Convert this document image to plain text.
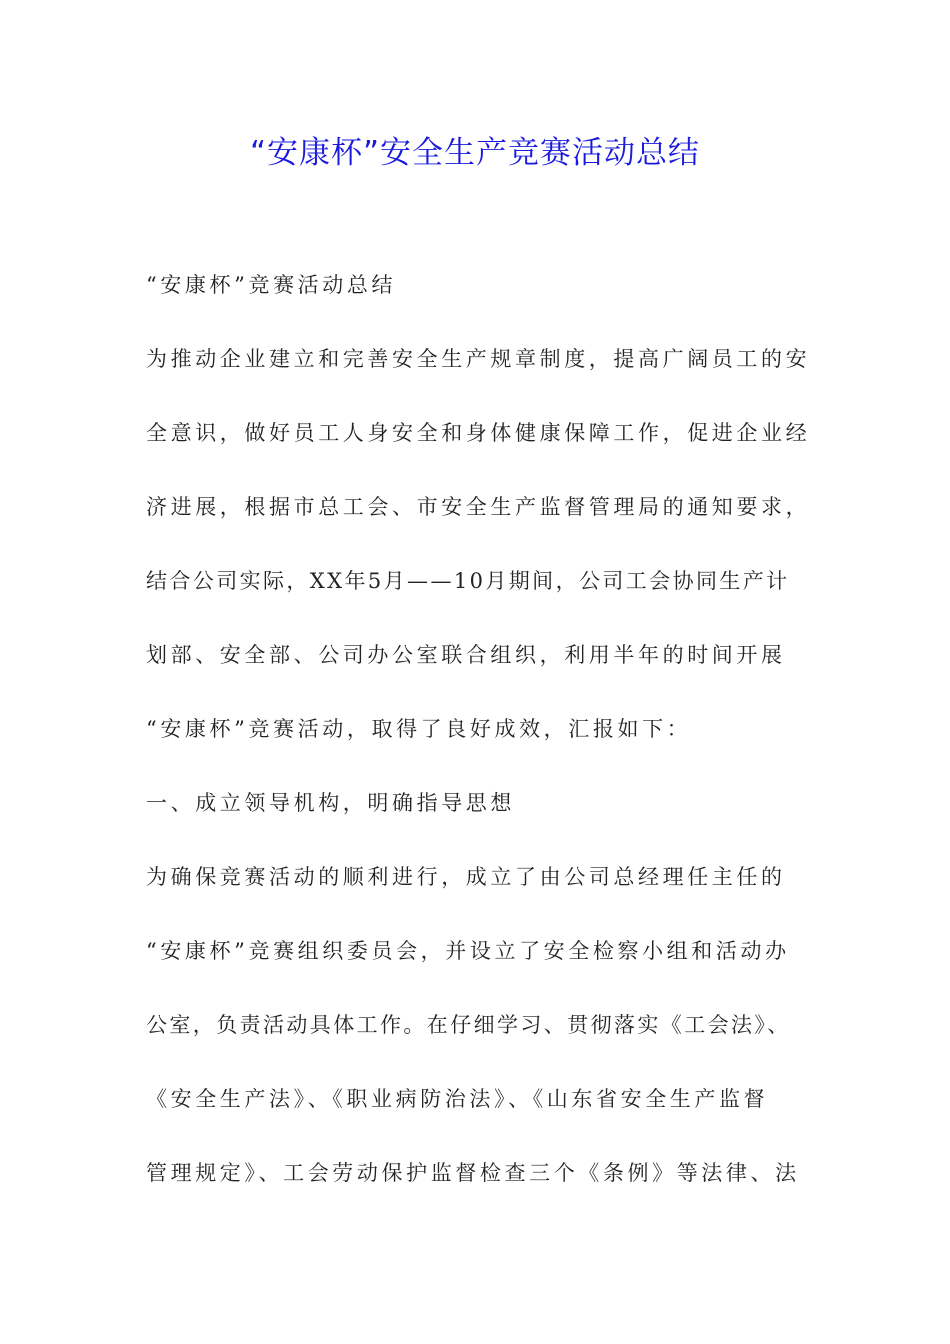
“安康杯”安全生产竞赛活动总结
“安康杯”竞赛活动总结
为推动企业建立和完善安全生产规章制度，提高广阔员工的安
全意识，做好员工人身安全和身体健康保障工作，促进企业经
济进展，根据市总工会、市安全生产监督管理局的通知要求，
结合公司实际，XX年5月——10月期间，公司工会协同生产计
划部、安全部、公司办公室联合组织，利用半年的时间开展
“安康杯”竞赛活动，取得了良好成效，汇报如下：
一、成立领导机构，明确指导思想
为确保竞赛活动的顺利进行，成立了由公司总经理任主任的
“安康杯”竞赛组织委员会，并设立了安全检察小组和活动办
公室，负责活动具体工作。在仔细学习、贯彻落实《工会法》、
《安全生产法》、《职业病防治法》、《山东省安全生产监督
管理规定》、工会劳动保护监督检查三个《条例》等法律、法
